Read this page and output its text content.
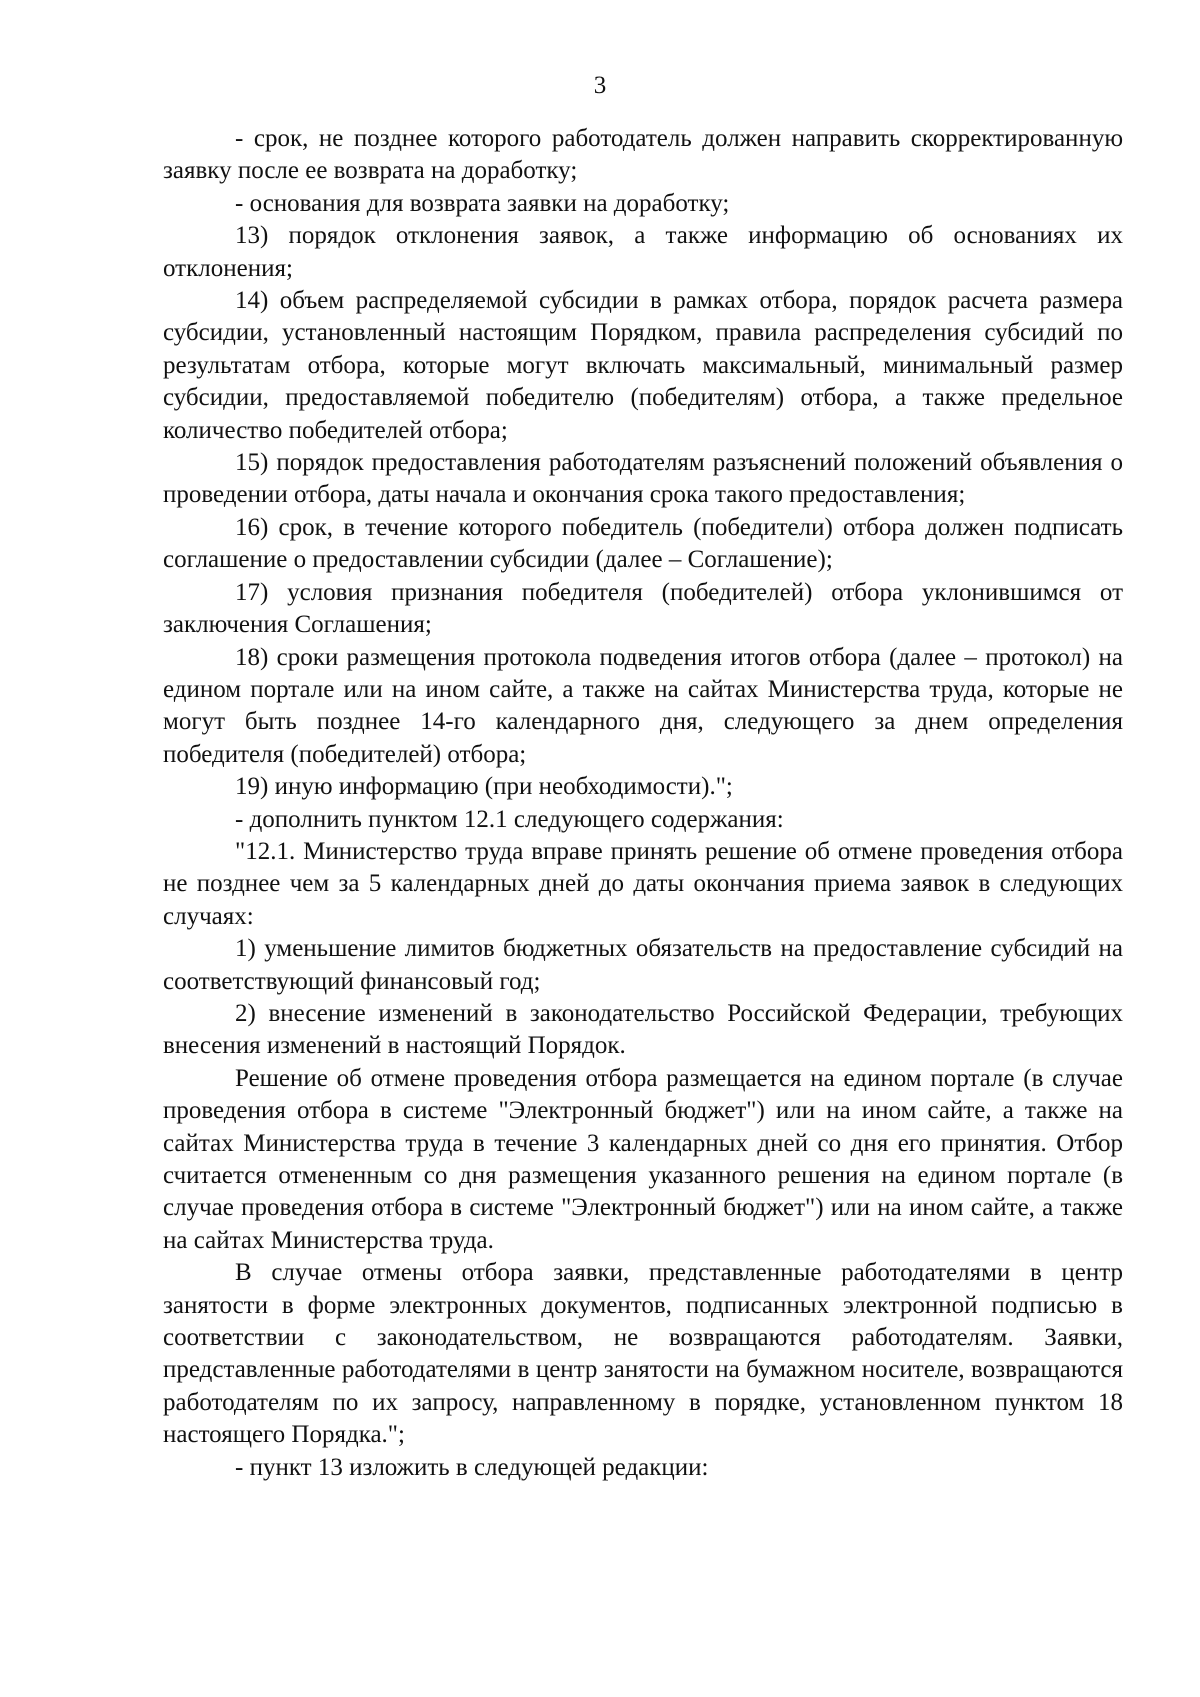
3

- срок, не позднее которого работодатель должен направить скорректированную заявку после ее возврата на доработку;

- основания для возврата заявки на доработку;

13) порядок отклонения заявок, а также информацию об основаниях их отклонения;

14) объем распределяемой субсидии в рамках отбора, порядок расчета размера субсидии, установленный настоящим Порядком, правила распределения субсидий по результатам отбора, которые могут включать максимальный, минимальный размер субсидии, предоставляемой победителю (победителям) отбора, а также предельное количество победителей отбора;

15) порядок предоставления работодателям разъяснений положений объявления о проведении отбора, даты начала и окончания срока такого предоставления;

16) срок, в течение которого победитель (победители) отбора должен подписать соглашение о предоставлении субсидии (далее – Соглашение);

17) условия признания победителя (победителей) отбора уклонившимся от заключения Соглашения;

18) сроки размещения протокола подведения итогов отбора (далее – протокол) на едином портале или на ином сайте, а также на сайтах Министерства труда, которые не могут быть позднее 14-го календарного дня, следующего за днем определения победителя (победителей) отбора;

19) иную информацию (при необходимости).";

- дополнить пунктом 12.1 следующего содержания:

"12.1. Министерство труда вправе принять решение об отмене проведения отбора не позднее чем за 5 календарных дней до даты окончания приема заявок в следующих случаях:

1) уменьшение лимитов бюджетных обязательств на предоставление субсидий на соответствующий финансовый год;

2) внесение изменений в законодательство Российской Федерации, требующих внесения изменений в настоящий Порядок.

Решение об отмене проведения отбора размещается на едином портале (в случае проведения отбора в системе "Электронный бюджет") или на ином сайте, а также на сайтах Министерства труда в течение 3 календарных дней со дня его принятия. Отбор считается отмененным со дня размещения указанного решения на едином портале (в случае проведения отбора в системе "Электронный бюджет") или на ином сайте, а также на сайтах Министерства труда.

В случае отмены отбора заявки, представленные работодателями в центр занятости в форме электронных документов, подписанных электронной подписью в соответствии с законодательством, не возвращаются работодателям. Заявки, представленные работодателями в центр занятости на бумажном носителе, возвращаются работодателям по их запросу, направленному в порядке, установленном пунктом 18 настоящего Порядка.";

- пункт 13 изложить в следующей редакции:
